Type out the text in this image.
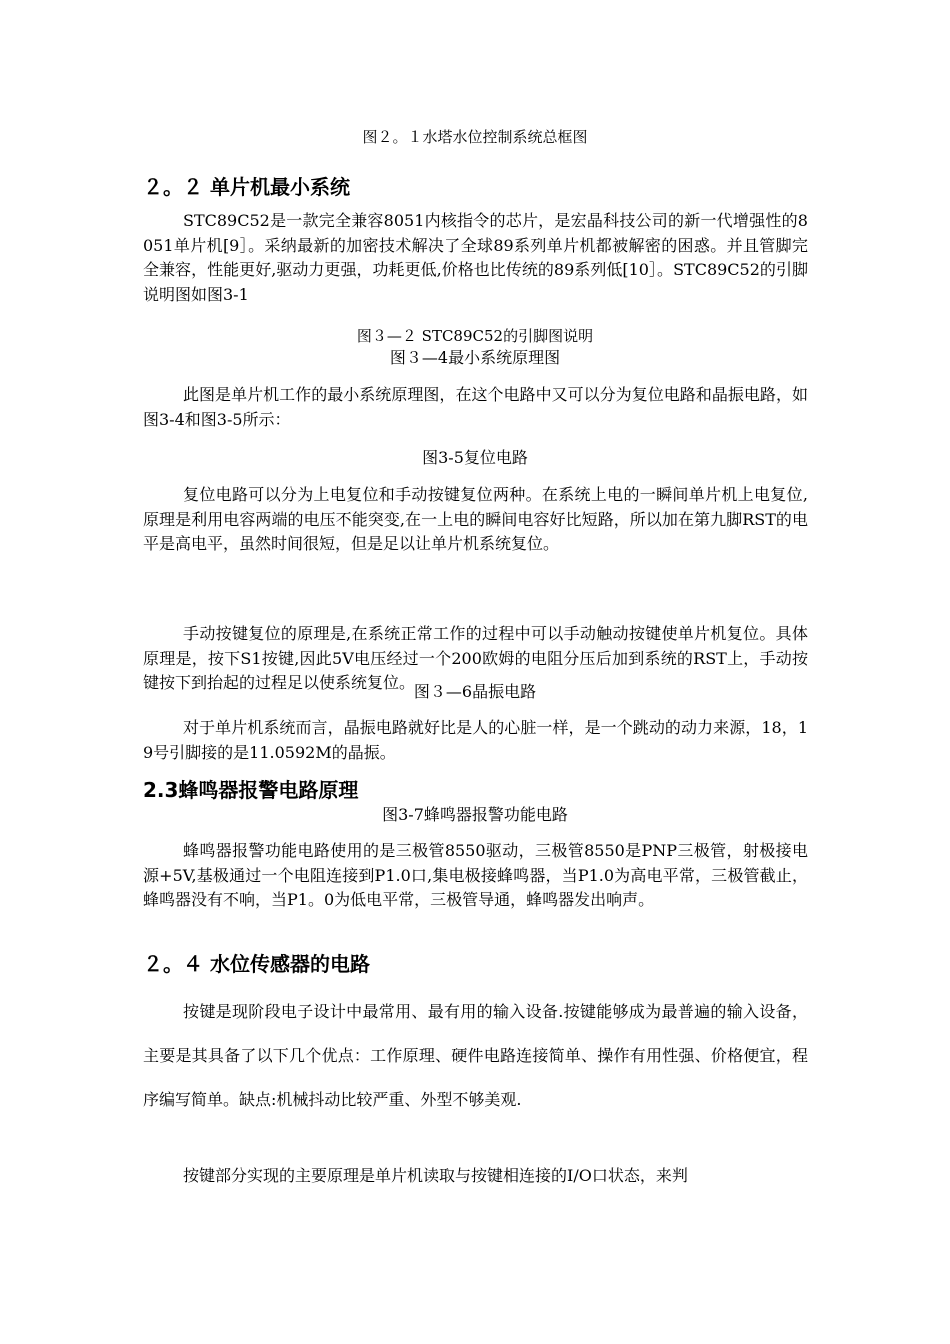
图２。１水塔水位控制系统总框图
２。２ 单片机最小系统

STC89C52是一款完全兼容8051内核指令的芯片，是宏晶科技公司的新一代增强性的8051单片机[9］。采纳最新的加密技术解决了全球89系列单片机都被解密的困惑。并且管脚完全兼容，性能更好,驱动力更强，功耗更低,价格也比传统的89系列低[10］。STC89C52的引脚说明图如图3-1

图３—２ STC89C52的引脚图说明
图３—4最小系统原理图

此图是单片机工作的最小系统原理图，在这个电路中又可以分为复位电路和晶振电路，如图3-4和图3-5所示：

图3-5复位电路

复位电路可以分为上电复位和手动按键复位两种。在系统上电的一瞬间单片机上电复位,原理是利用电容两端的电压不能突变,在一上电的瞬间电容好比短路，所以加在第九脚RST的电平是高电平，虽然时间很短，但是足以让单片机系统复位。

手动按键复位的原理是,在系统正常工作的过程中可以手动触动按键使单片机复位。具体原理是，按下S1按键,因此5V电压经过一个200欧姆的电阻分压后加到系统的RST上，手动按键按下到抬起的过程足以使系统复位。

图３—6晶振电路

对于单片机系统而言，晶振电路就好比是人的心脏一样，是一个跳动的动力来源，18，19号引脚接的是11.0592M的晶振。

2.3蜂鸣器报警电路原理
图3-7蜂鸣器报警功能电路

蜂鸣器报警功能电路使用的是三极管8550驱动，三极管8550是PNP三极管，射极接电源+5V,基极通过一个电阻连接到P1.0口,集电极接蜂鸣器，当P1.0为高电平常，三极管截止，蜂鸣器没有不响，当P1。0为低电平常，三极管导通，蜂鸣器发出响声。

２。４ 水位传感器的电路

按键是现阶段电子设计中最常用、最有用的输入设备.按键能够成为最普遍的输入设备，主要是其具备了以下几个优点：工作原理、硬件电路连接简单、操作有用性强、价格便宜，程序编写简单。缺点:机械抖动比较严重、外型不够美观.

按键部分实现的主要原理是单片机读取与按键相连接的I/O口状态，来判
